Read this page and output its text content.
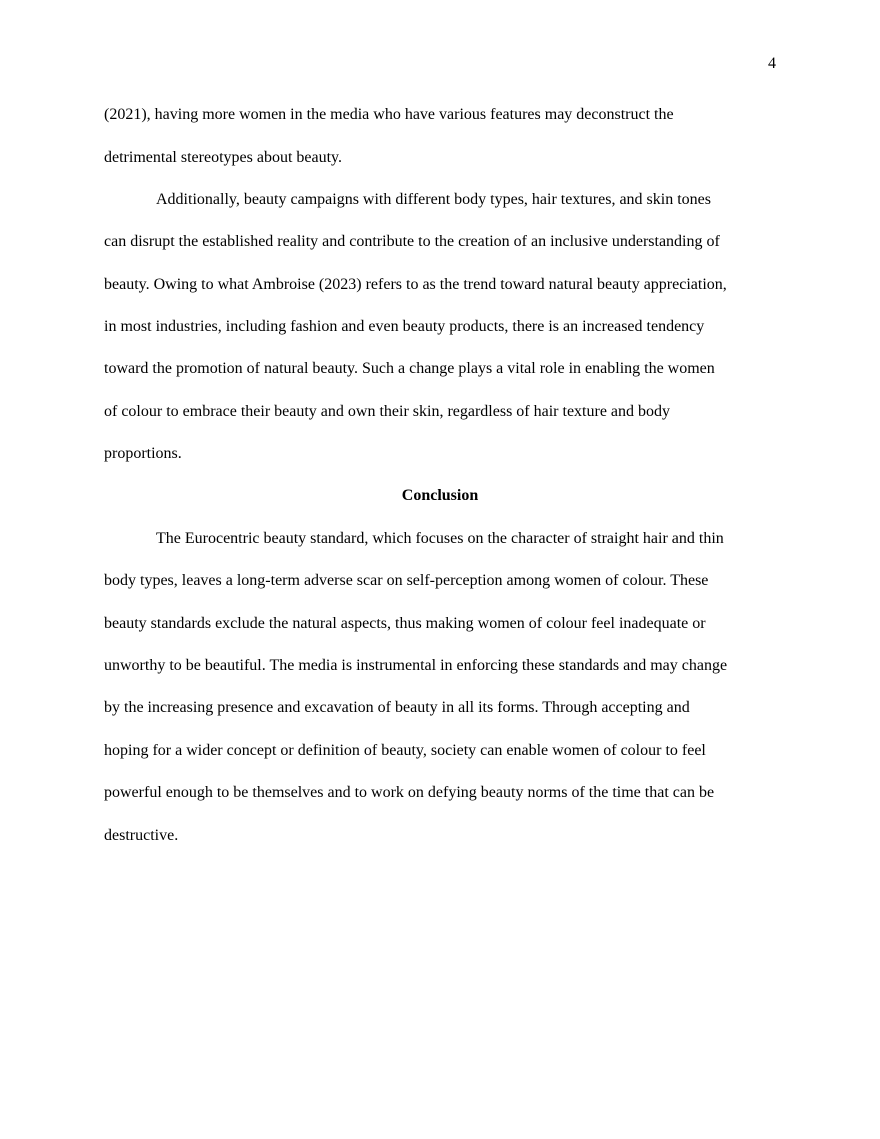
4
(2021), having more women in the media who have various features may deconstruct the
detrimental stereotypes about beauty.
Additionally, beauty campaigns with different body types, hair textures, and skin tones
can disrupt the established reality and contribute to the creation of an inclusive understanding of
beauty. Owing to what Ambroise (2023) refers to as the trend toward natural beauty appreciation,
in most industries, including fashion and even beauty products, there is an increased tendency
toward the promotion of natural beauty. Such a change plays a vital role in enabling the women
of colour to embrace their beauty and own their skin, regardless of hair texture and body
proportions.
Conclusion
The Eurocentric beauty standard, which focuses on the character of straight hair and thin
body types, leaves a long-term adverse scar on self-perception among women of colour. These
beauty standards exclude the natural aspects, thus making women of colour feel inadequate or
unworthy to be beautiful. The media is instrumental in enforcing these standards and may change
by the increasing presence and excavation of beauty in all its forms. Through accepting and
hoping for a wider concept or definition of beauty, society can enable women of colour to feel
powerful enough to be themselves and to work on defying beauty norms of the time that can be
destructive.
